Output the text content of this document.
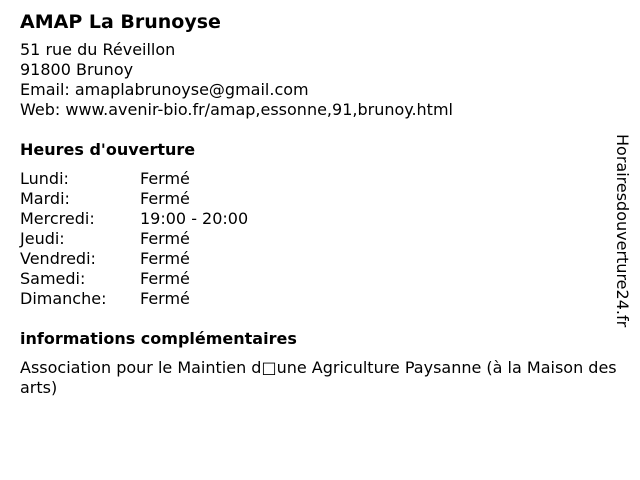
AMAP La Brunoyse
51 rue du Réveillon
91800 Brunoy
Email: amaplabrunoyse@gmail.com
Web: www.avenir-bio.fr/amap,essonne,91,brunoy.html
Heures d'ouverture
Lundi:	Fermé
Mardi:	Fermé
Mercredi:	19:00 - 20:00
Jeudi:	Fermé
Vendredi:	Fermé
Samedi:	Fermé
Dimanche:	Fermé
informations complémentaires
Association pour le Maintien d□une Agriculture Paysanne (à la Maison des arts)
Horairesdouverture24.fr
